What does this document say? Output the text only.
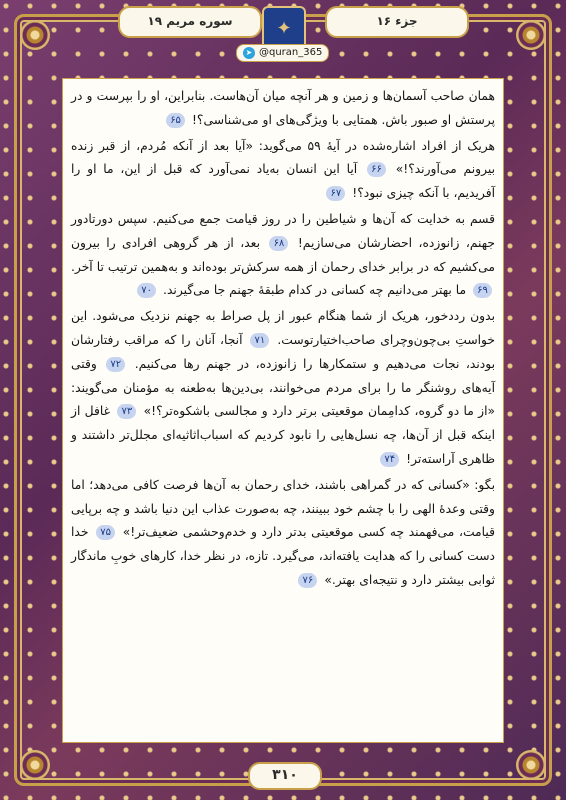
سوره مریم ۱۹	✦	جزء ۱۶
➤ @quran_365

همان صاحب آسمان‌ها و زمین و هر آنچه میان آن‌هاست. بنابراین، او را بپرست و در پرستش او صبور باش. همتایی با ویژگی‌های او می‌شناسی؟! ۶۵

هریک از افراد اشاره‌شده در آیهٔ ۵۹ می‌گوید: «آیا بعد از آنکه مُردم، از قبر زنده بیرونم می‌آورند؟!» ۶۶ آیا این انسان به‌یاد نمی‌آورد که قبل از این، ما او را آفریدیم، با آنکه چیزی نبود؟! ۶۷

قسم به خدایت که آن‌ها و شیاطین را در روز قیامت جمع می‌کنیم. سپس دورتادور جهنم، زانوزده، احضارشان می‌سازیم! ۶۸ بعد، از هر گروهی افرادی را بیرون می‌کشیم که در برابر خدای رحمان از همه سرکش‌تر بوده‌اند و به‌همین ترتیب تا آخر. ۶۹ ما بهتر می‌دانیم چه کسانی در کدام طبقهٔ جهنم جا می‌گیرند. ۷۰

بدون رددخور، هریک از شما هنگام عبور از پل صراط به جهنم نزدیک می‌شود. این خواستِ بی‌چون‌وچرای صاحب‌اختیارتوست. ۷۱ آنجا، آنان را که مراقب رفتارشان بودند، نجات می‌دهیم و ستمکارها را زانوزده، در جهنم رها می‌کنیم. ۷۲ وقتی آیه‌های روشنگر ما را برای مردم می‌خوانند، بی‌دین‌ها به‌طعنه به مؤمنان می‌گویند: «از ما دو گروه، کدامِمان موقعیتی برتر دارد و مجالسی باشکوه‌تر؟!» ۷۳ غافل از اینکه قبل از آن‌ها، چه نسل‌هایی را نابود کردیم که اسباب‌اثاثیه‌ای مجلل‌تر داشتند و ظاهری آراسته‌تر! ۷۴

بگو: «کسانی که در گمراهی باشند، خدای رحمان به آن‌ها فرصت کافی می‌دهد؛ اما وقتی وعدهٔ الهی را با چشم خود ببینند، چه به‌صورت عذاب این دنیا باشد و چه برپایی قیامت، می‌فهمند چه کسی موقعیتی بدتر دارد و خدم‌وحشمی ضعیف‌تر!» ۷۵ خدا دست کسانی را که هدایت یافته‌اند، می‌گیرد. تازه، در نظر خدا، کارهای خوبِ ماندگار ثوابی بیشتر دارد و نتیجه‌ای بهتر.» ۷۶

۳۱۰
